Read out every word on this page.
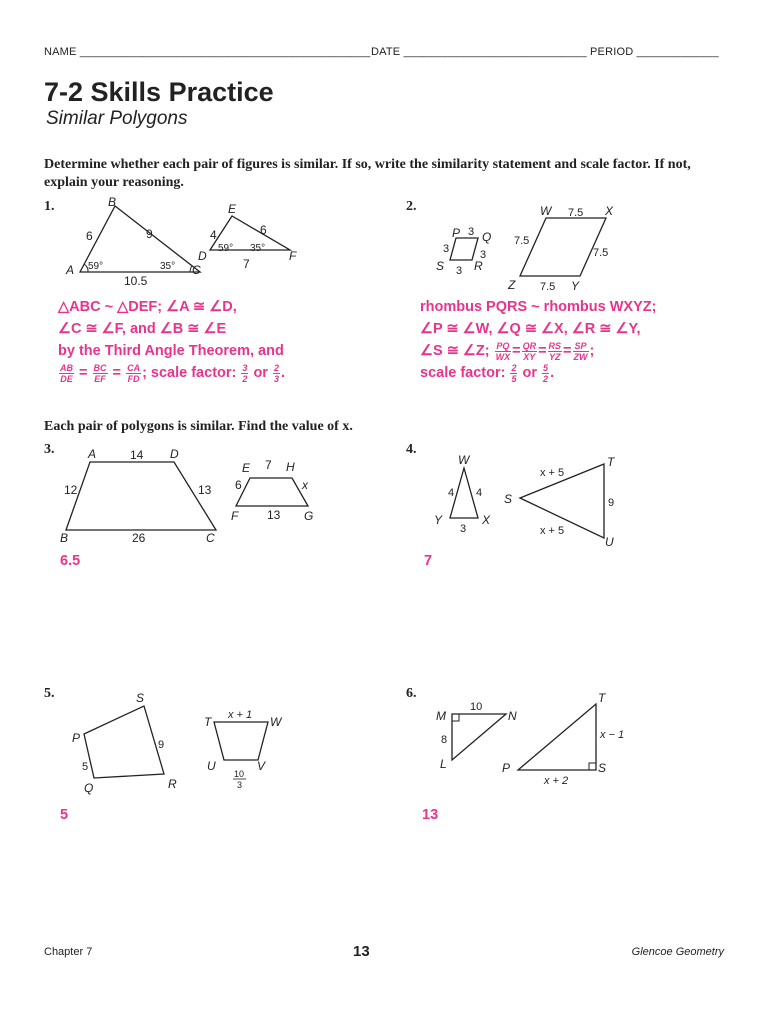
NAME ______________________________________________ DATE _____________________________ PERIOD _____________
7-2 Skills Practice
Similar Polygons
Determine whether each pair of figures is similar. If so, write the similarity statement and scale factor. If not, explain your reasoning.
1.	B
A	C
6	9
10.5
59°	35°
E
D	F
4	6
7
59° 35°
△ABC ~ △DEF; ∠A ≅ ∠D,
∠C ≅ ∠F, and ∠B ≅ ∠E
by the Third Angle Theorem, and
$\frac{AB}{DE} = \frac{BC}{EF} = \frac{CA}{FD}$ ; scale factor: $\frac{3}{2}$ or $\frac{2}{3}$ .
2.
P Q
S R
3
3	3
3
W	X
Z	Y
7.5
7.5
7.5
7.5
rhombus PQRS ~ rhombus WXYZ;
∠P ≅ ∠W, ∠Q ≅ ∠X, ∠R ≅ ∠Y,
∠S ≅ ∠Z; $\frac{PQ}{WX} = \frac{QR}{XY} = \frac{RS}{YZ} = \frac{SP}{ZW}$ ;
scale factor: $\frac{2}{5}$ or $\frac{5}{2}$ .
Each pair of polygons is similar. Find the value of x.
3.	A	D
B	C
14
12	13
26
E	H
F	G
7
6	x
13
6.5
4.
W
Y	X
4 4
3
S
T
U
x + 5
x + 5
9
7
5.	S
P
Q	R
9
5
T	W
U	V
x + 1
10
3
5
6.
M	N
L
10
8
T
P	S
x − 1
x + 2
13
Chapter 7	13	Glencoe Geometry
